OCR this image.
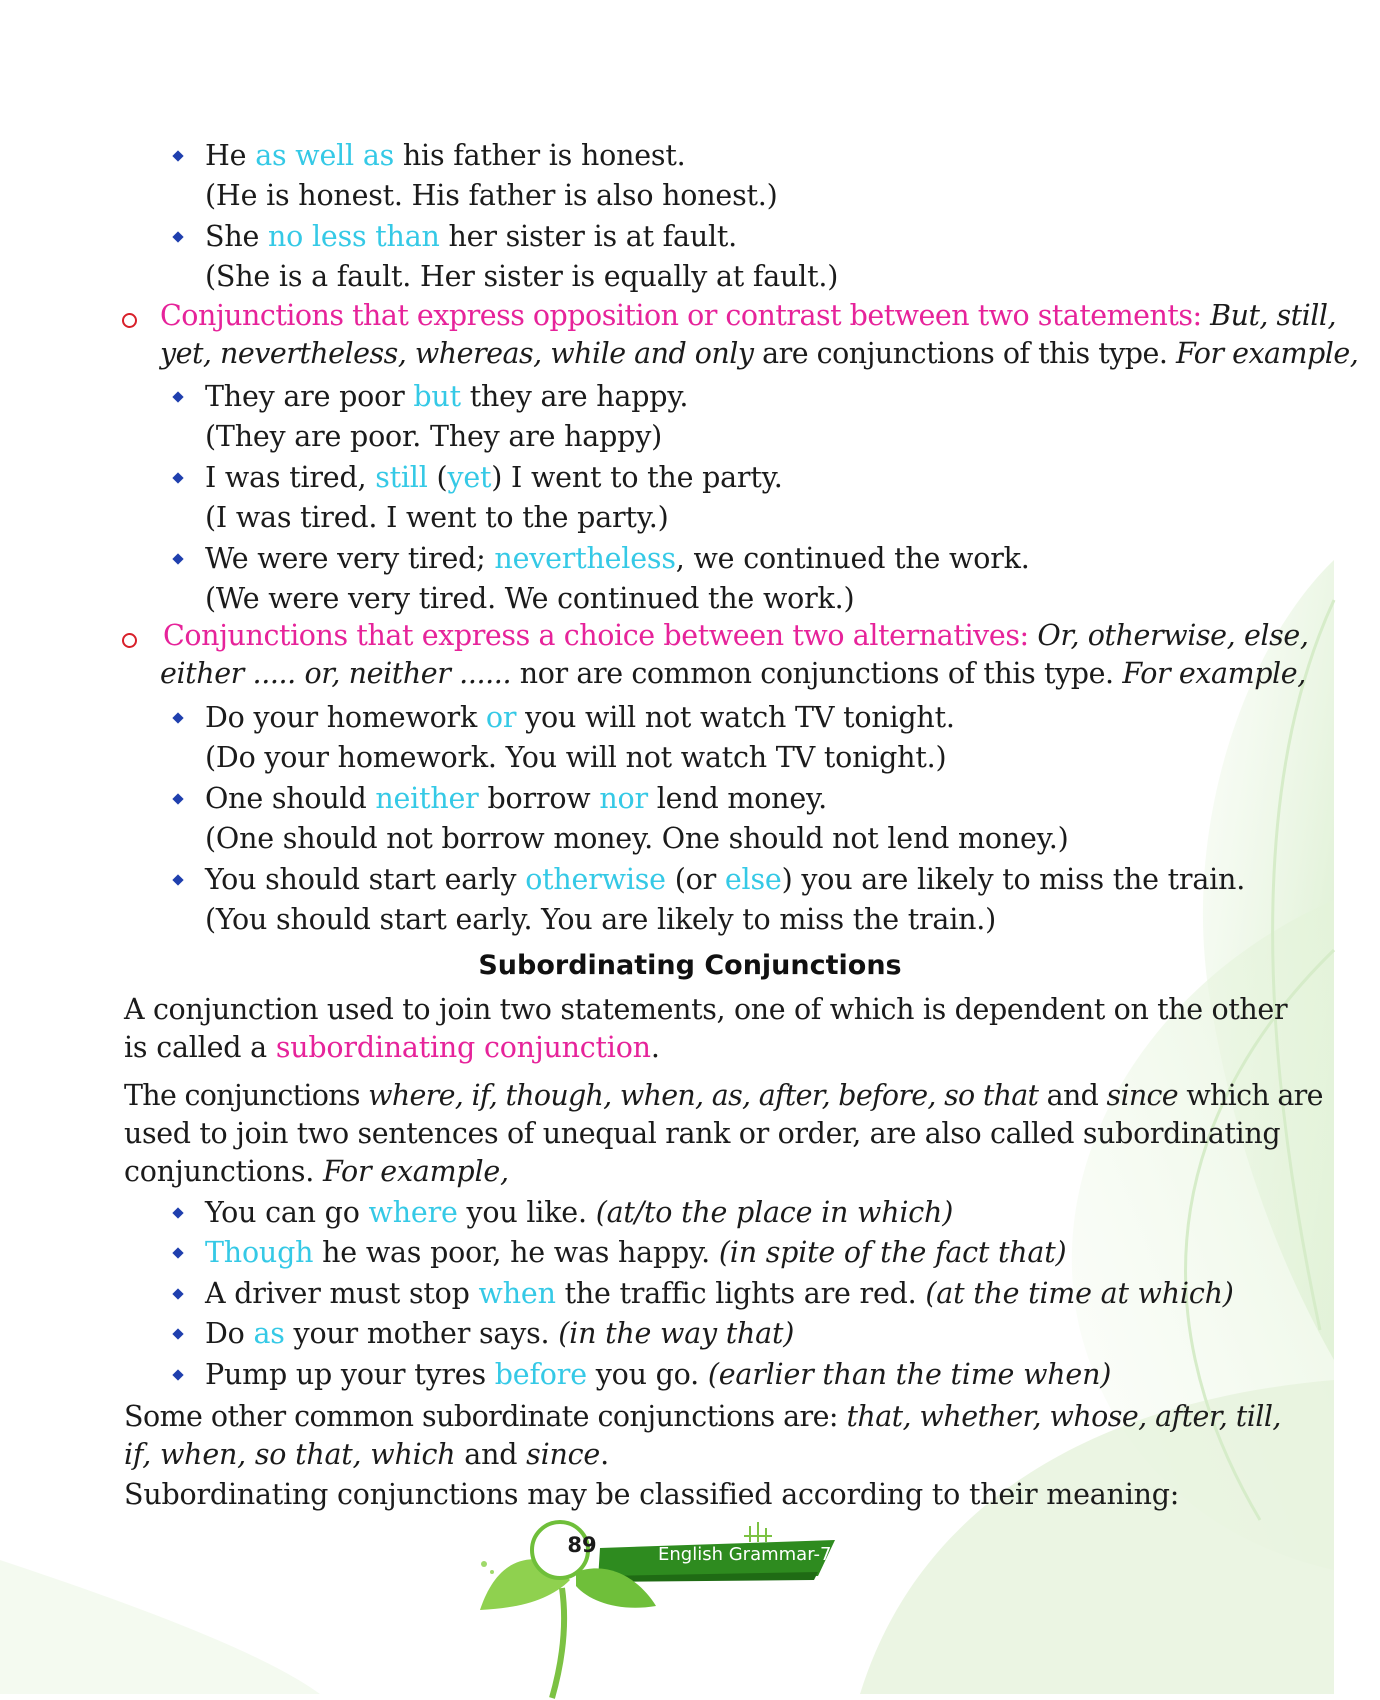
He as well as his father is honest.
(He is honest. His father is also honest.)
She no less than her sister is at fault.
(She is a fault. Her sister is equally at fault.)
Conjunctions that express opposition or contrast between two statements: But, still,
yet, nevertheless, whereas, while and only are conjunctions of this type. For example,
They are poor but they are happy.
(They are poor. They are happy)
I was tired, still (yet) I went to the party.
(I was tired. I went to the party.)
We were very tired; nevertheless, we continued the work.
(We were very tired. We continued the work.)
Conjunctions that express a choice between two alternatives: Or, otherwise, else,
either ..... or, neither ...... nor are common conjunctions of this type. For example,
Do your homework or you will not watch TV tonight.
(Do your homework. You will not watch TV tonight.)
One should neither borrow nor lend money.
(One should not borrow money. One should not lend money.)
You should start early otherwise (or else) you are likely to miss the train.
(You should start early. You are likely to miss the train.)
Subordinating Conjunctions
A conjunction used to join two statements, one of which is dependent on the other
is called a subordinating conjunction.
The conjunctions where, if, though, when, as, after, before, so that and since which are
used to join two sentences of unequal rank or order, are also called subordinating
conjunctions. For example,
You can go where you like. (at/to the place in which)
Though he was poor, he was happy. (in spite of the fact that)
A driver must stop when the traffic lights are red. (at the time at which)
Do as your mother says. (in the way that)
Pump up your tyres before you go. (earlier than the time when)
Some other common subordinate conjunctions are: that, whether, whose, after, till,
if, when, so that, which and since.
Subordinating conjunctions may be classified according to their meaning:
89	English Grammar-7
